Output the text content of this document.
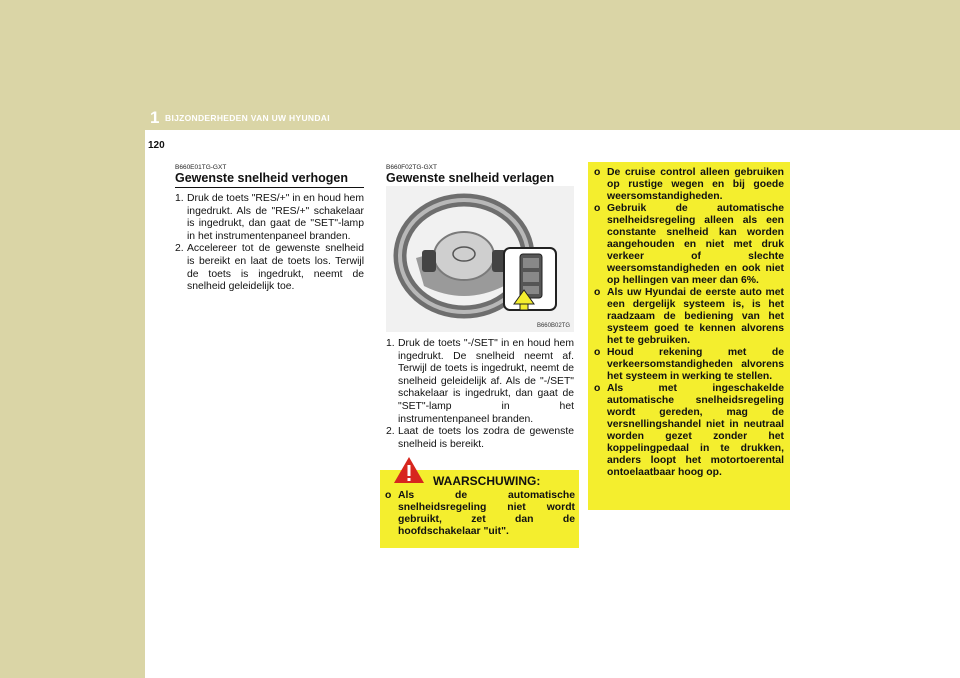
1 BIJZONDERHEDEN VAN UW HYUNDAI
120
B660E01TG-GXT
Gewenste snelheid verhogen
1. Druk de toets "RES/+" in en houd hem ingedrukt. Als de "RES/+" schakelaar is ingedrukt, dan gaat de "SET"-lamp in het instrumentenpaneel branden.
2. Accelereer tot de gewenste snelheid is bereikt en laat de toets los. Terwijl de toets is ingedrukt, neemt de snelheid geleidelijk toe.
B660F02TG-GXT
Gewenste snelheid verlagen
B660B02TG
1. Druk de toets "-/SET" in en houd hem ingedrukt. De snelheid neemt af. Terwijl de toets is ingedrukt, neemt de snelheid geleidelijk af. Als de "-/SET" schakelaar is ingedrukt, dan gaat de "SET"-lamp in het instrumentenpaneel branden.
2. Laat de toets los zodra de gewenste snelheid is bereikt.
WAARSCHUWING:
o Als de automatische snelheidsregeling niet wordt gebruikt, zet dan de hoofdschakelaar "uit".
o De cruise control alleen gebruiken op rustige wegen en bij goede weersomstandigheden.
o Gebruik de automatische snelheidsregeling alleen als een constante snelheid kan worden aangehouden en niet met druk verkeer of slechte weersomstandigheden en ook niet op hellingen van meer dan 6%.
o Als uw Hyundai de eerste auto met een dergelijk systeem is, is het raadzaam de bediening van het systeem goed te kennen alvorens het te gebruiken.
o Houd rekening met de verkeersomstandigheden alvorens het systeem in werking te stellen.
o Als met ingeschakelde automatische snelheidsregeling wordt gereden, mag de versnellingshandel niet in neutraal worden gezet zonder het koppelingpedaal in te drukken, anders loopt het motortoerental ontoelaatbaar hoog op.
